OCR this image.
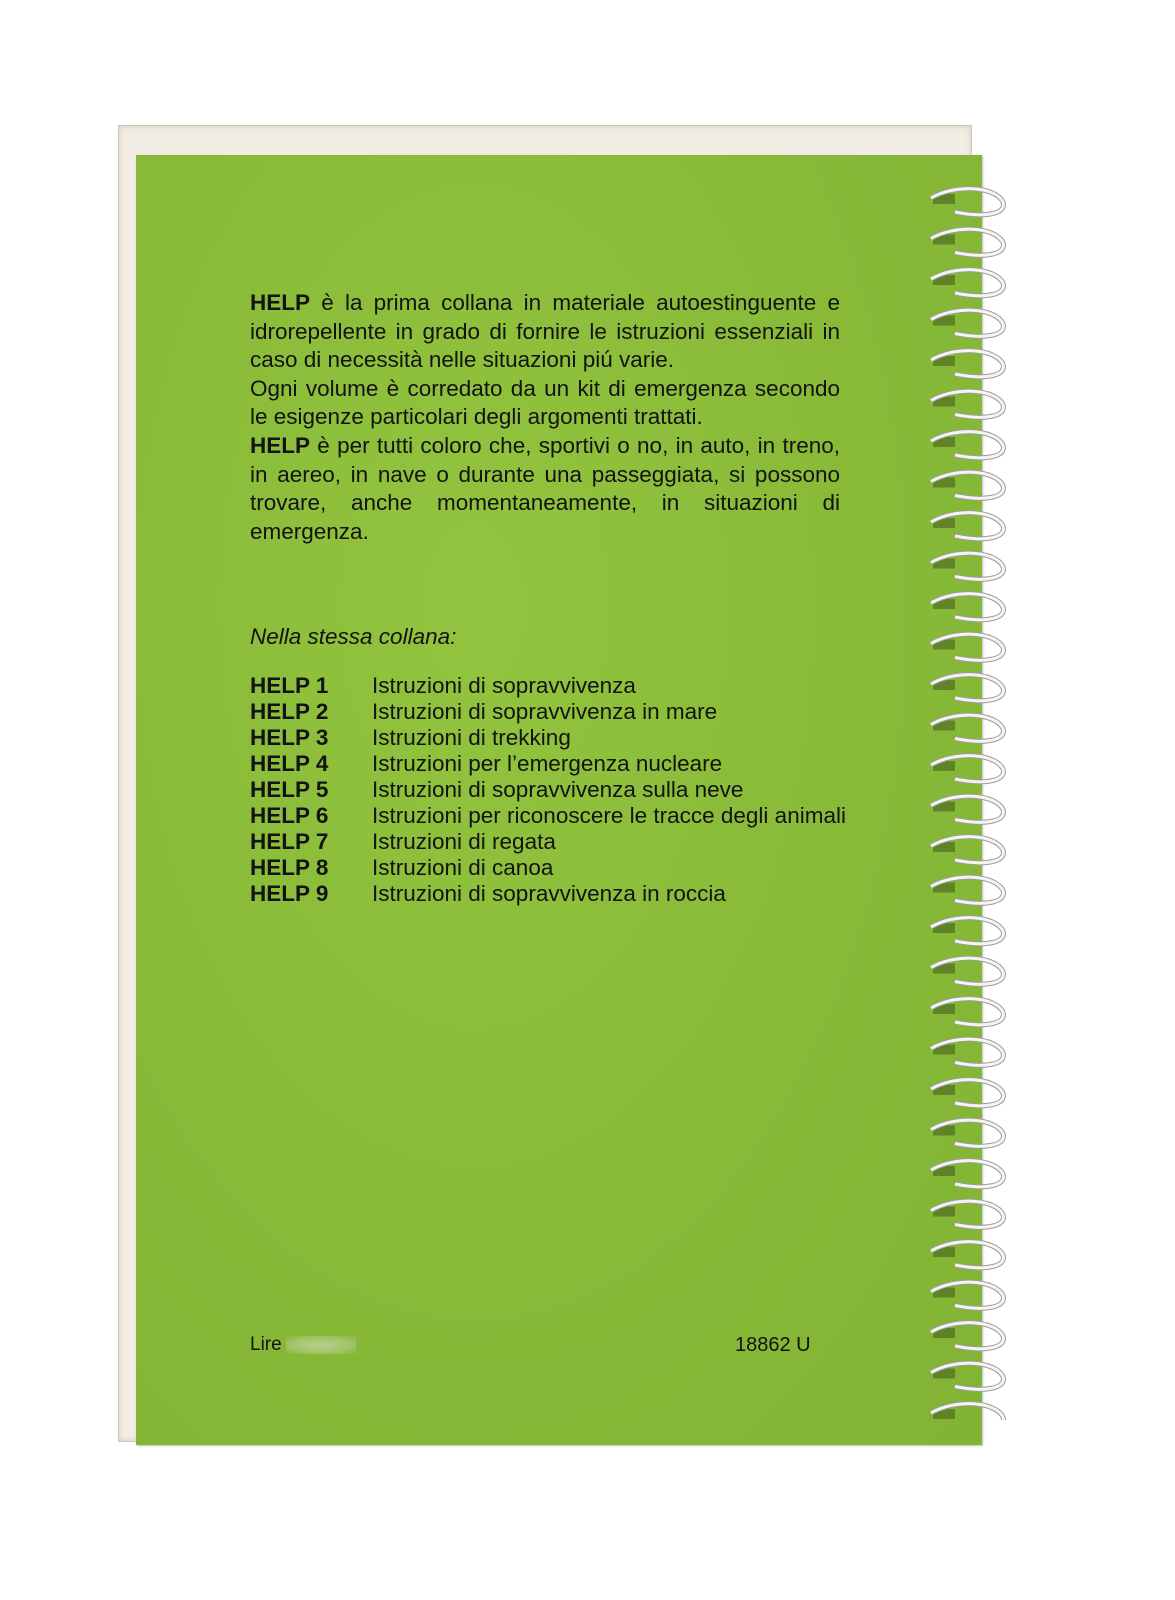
HELP è la prima collana in materiale autoestinguente e idrorepellente in grado di fornire le istruzioni essenziali in caso di necessità nelle situazioni piú varie.

Ogni volume è corredato da un kit di emergenza secondo le esigenze particolari degli argomenti trattati.

HELP è per tutti coloro che, sportivi o no, in auto, in treno, in aereo, in nave o durante una passeggiata, si possono trovare, anche momentaneamente, in situazioni di emergenza.

Nella stessa collana:
HELP 1	Istruzioni di sopravvivenza
HELP 2	Istruzioni di sopravvivenza in mare
HELP 3	Istruzioni di trekking
HELP 4	Istruzioni per l’emergenza nucleare
HELP 5	Istruzioni di sopravvivenza sulla neve
HELP 6	Istruzioni per riconoscere le tracce degli animali
HELP 7	Istruzioni di regata
HELP 8	Istruzioni di canoa
HELP 9	Istruzioni di sopravvivenza in roccia
Lire	18862 U
